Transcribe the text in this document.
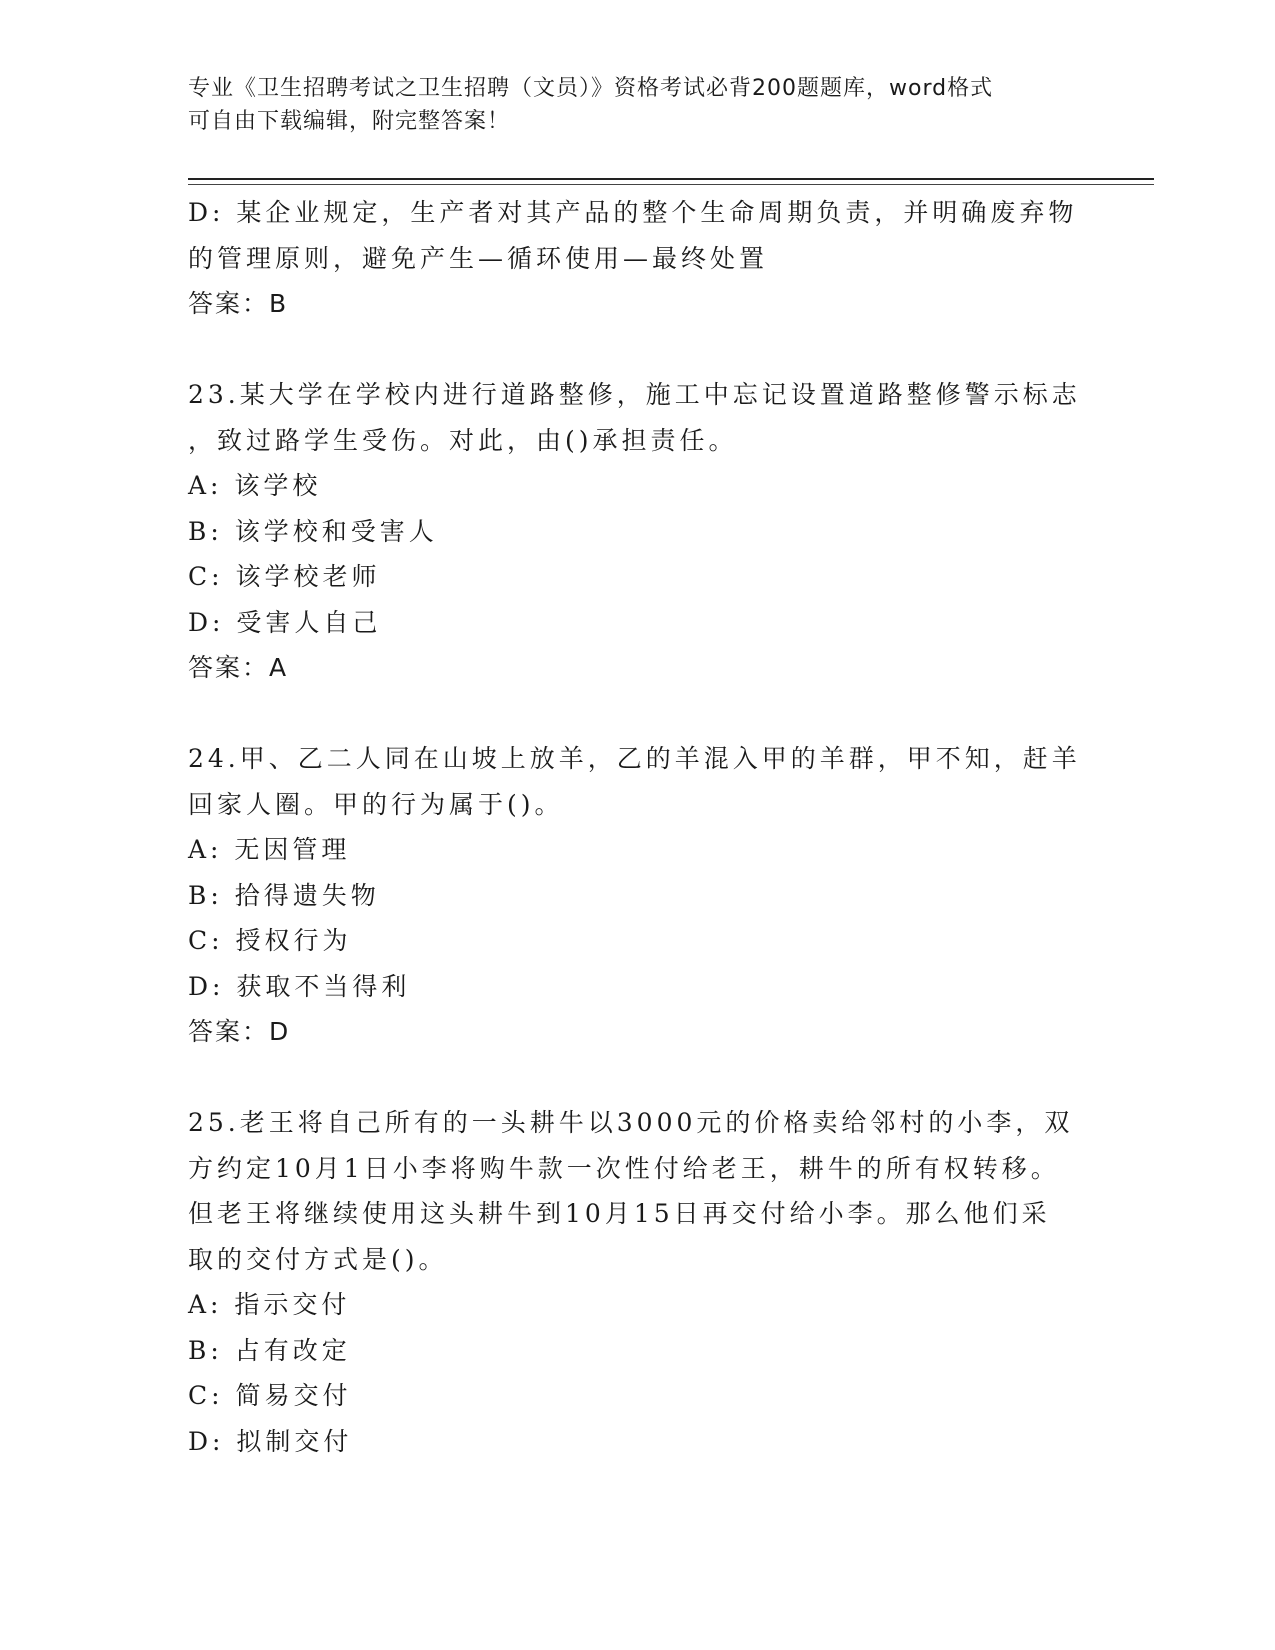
专业《卫生招聘考试之卫生招聘（文员）》资格考试必背200题题库，word格式
可自由下载编辑，附完整答案！
D: 某企业规定，生产者对其产品的整个生命周期负责，并明确废弃物
的管理原则，避免产生—循环使用—最终处置
答案：B
23.某大学在学校内进行道路整修，施工中忘记设置道路整修警示标志
，致过路学生受伤。对此，由()承担责任。
A: 该学校
B: 该学校和受害人
C: 该学校老师
D: 受害人自己
答案：A
24.甲、乙二人同在山坡上放羊，乙的羊混入甲的羊群，甲不知，赶羊
回家人圈。甲的行为属于()。
A: 无因管理
B: 拾得遗失物
C: 授权行为
D: 获取不当得利
答案：D
25.老王将自己所有的一头耕牛以3000元的价格卖给邻村的小李，双
方约定10月1日小李将购牛款一次性付给老王，耕牛的所有权转移。
但老王将继续使用这头耕牛到10月15日再交付给小李。那么他们采
取的交付方式是()。
A: 指示交付
B: 占有改定
C: 简易交付
D: 拟制交付
